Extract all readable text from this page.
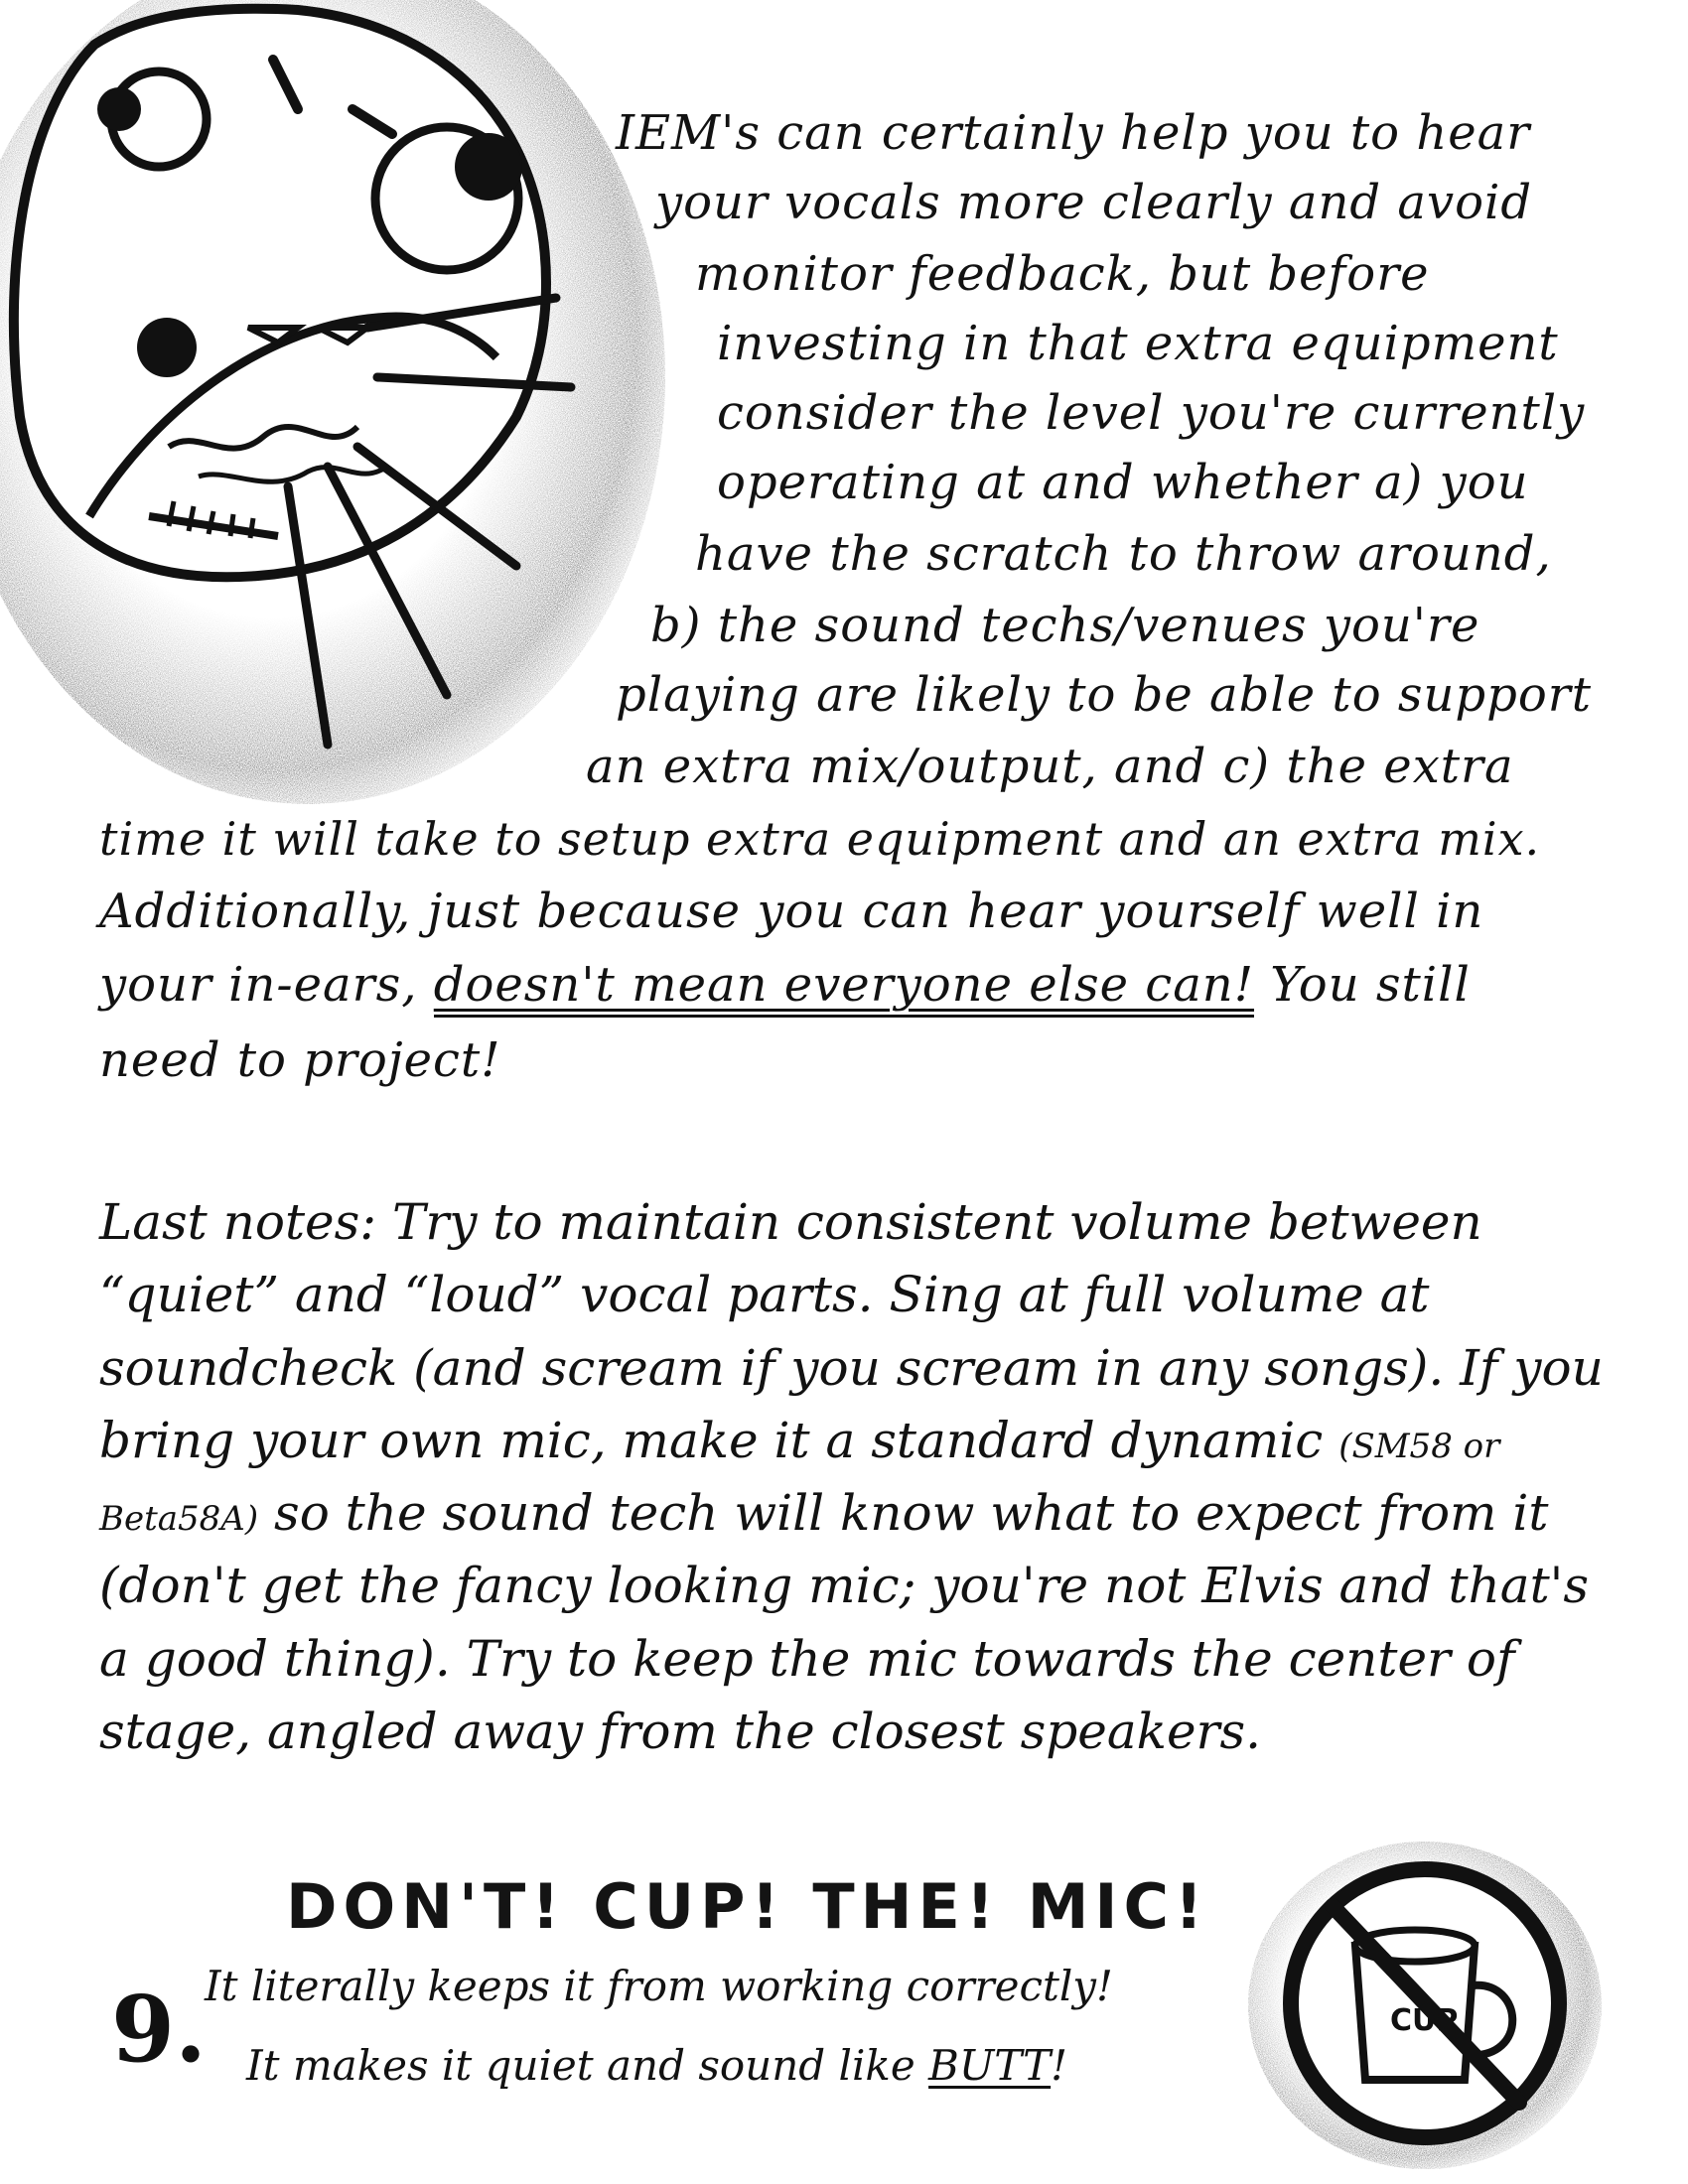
IEM's can certainly help you to hear
your vocals more clearly and avoid
monitor feedback, but before
investing in that extra equipment
consider the level you're currently
operating at and whether a) you
have the scratch to throw around,
b) the sound techs/venues you're
playing are likely to be able to support
an extra mix/output, and c) the extra
time it will take to setup extra equipment and an extra mix.
Additionally, just because you can hear yourself well in
your in-ears, doesn't mean everyone else can! You still
need to project!
Last notes: Try to maintain consistent volume between “quiet” and “loud” vocal parts. Sing at full volume at soundcheck (and scream if you scream in any songs). If you bring your own mic, make it a standard dynamic (SM58 or Beta58A) so the sound tech will know what to expect from it (don't get the fancy looking mic; you're not Elvis and that's a good thing). Try to keep the mic towards the center of stage, angled away from the closest speakers.
DON'T! CUP! THE! MIC!
It literally keeps it from working correctly!
It makes it quiet and sound like BUTT!
9.	CUP
